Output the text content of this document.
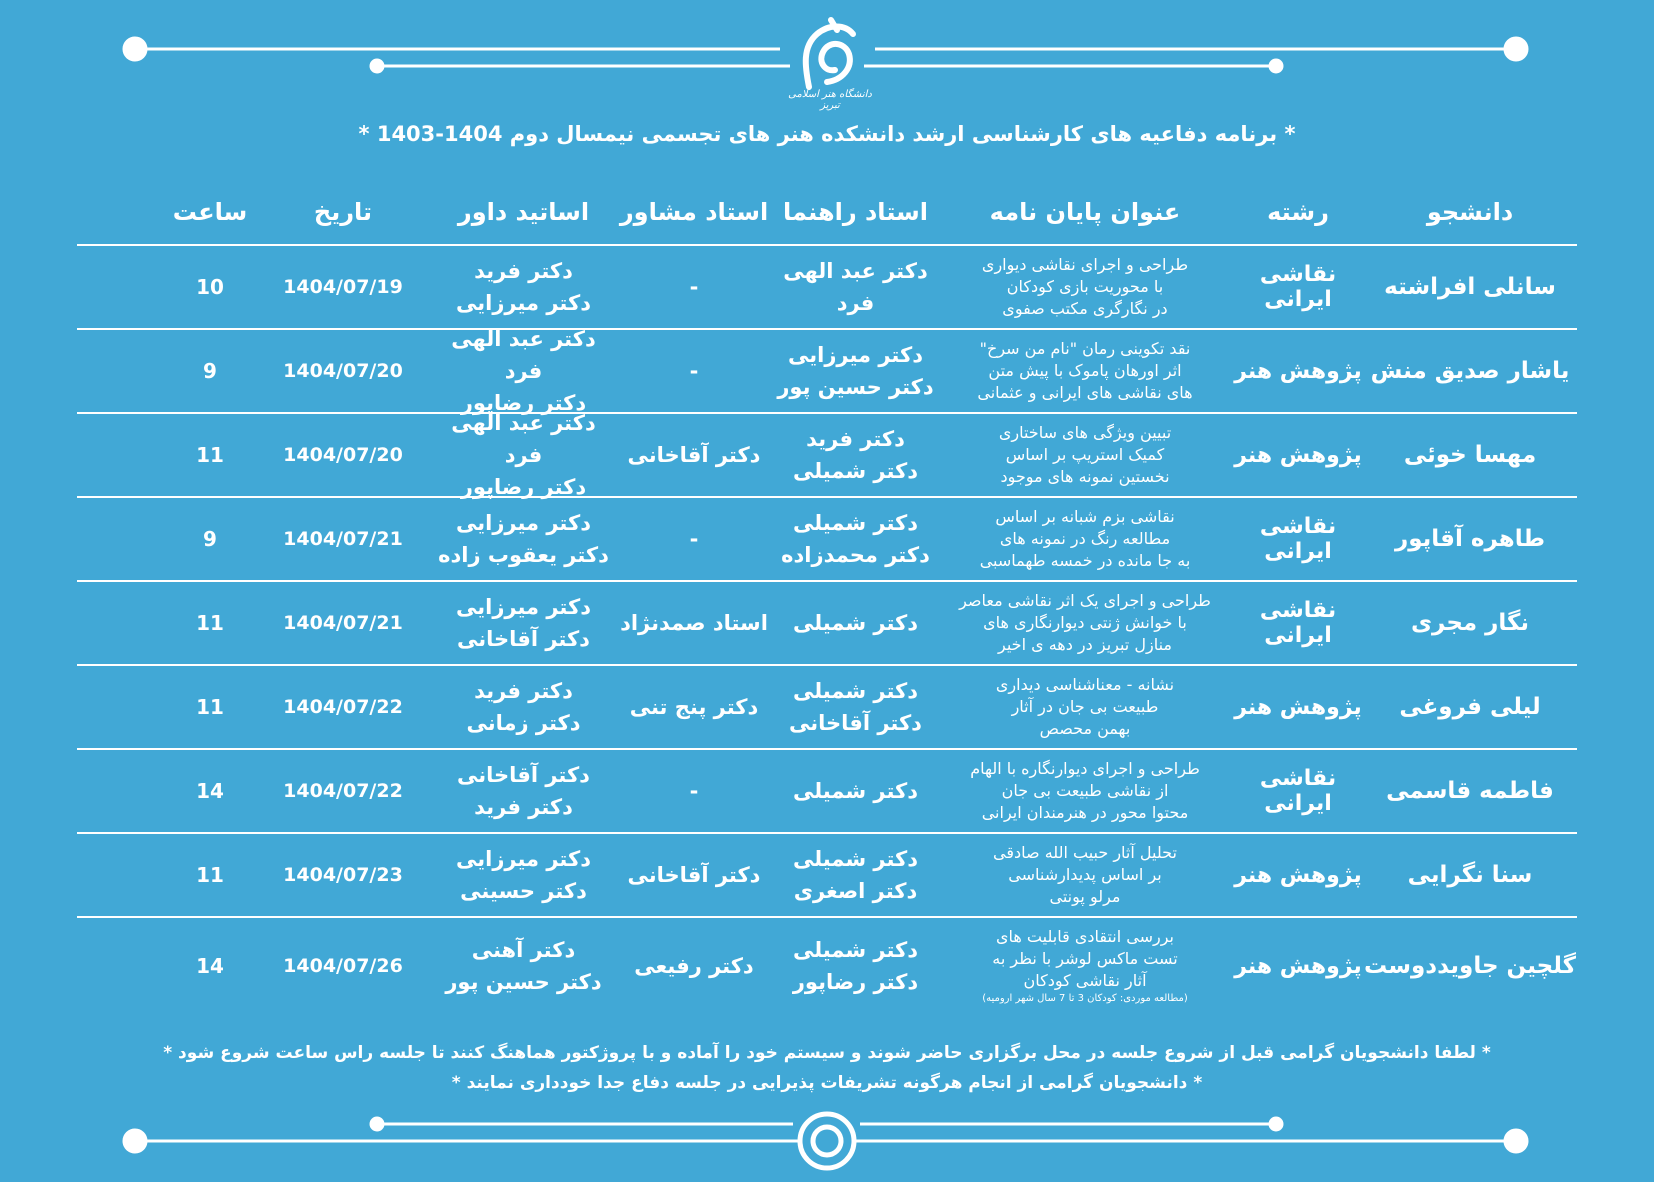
دانشگاه هنر اسلامی تبریز
* برنامه دفاعیه های کارشناسی ارشد دانشکده هنر های تجسمی نیمسال دوم 1404-1403 *
دانشجو
رشته
عنوان پایان نامه
استاد راهنما
استاد مشاور
اساتید داور
تاریخ
ساعت
سانلی افراشته
نقاشی ایرانی
طراحی و اجرای نقاشی دیواری
با محوریت بازی کودکان
در نگارگری مکتب صفوی
دکتر عبد الهی فرد
-
دکتر فرید
دکتر میرزایی
1404/07/19
10
یاشار صدیق منش
پژوهش هنر
نقد تکوینی رمان "نام من سرخ"
اثر اورهان پاموک با پیش متن
های نقاشی های ایرانی و عثمانی
دکتر میرزایی
دکتر حسین پور
-
دکتر عبد الهی فرد
دکتر رضاپور
1404/07/20
9
مهسا خوئی
پژوهش هنر
تبیین ویژگی های ساختاری
کمیک استریپ بر اساس
نخستین نمونه های موجود
دکتر فرید
دکتر شمیلی
دکتر آقاخانی
دکتر عبد الهی فرد
دکتر رضاپور
1404/07/20
11
طاهره آقاپور
نقاشی ایرانی
نقاشی بزم شبانه بر اساس
مطالعه رنگ در نمونه های
به جا مانده در خمسه طهماسبی
دکتر شمیلی
دکتر محمدزاده
-
دکتر میرزایی
دکتر یعقوب زاده
1404/07/21
9
نگار مجری
نقاشی ایرانی
طراحی و اجرای یک اثر نقاشی معاصر
با خوانش ژنتی دیوارنگاری های
منازل تبریز در دهه ی اخیر
دکتر شمیلی
استاد صمدنژاد
دکتر میرزایی
دکتر آقاخانی
1404/07/21
11
لیلی فروغی
پژوهش هنر
نشانه - معناشناسی دیداری
طبیعت بی جان در آثار
بهمن محصص
دکتر شمیلی
دکتر آقاخانی
دکتر پنج تنی
دکتر فرید
دکتر زمانی
1404/07/22
11
فاطمه قاسمی
نقاشی ایرانی
طراحی و اجرای دیوارنگاره با الهام
از نقاشی طبیعت بی جان
محتوا محور در هنرمندان ایرانی
دکتر شمیلی
-
دکتر آقاخانی
دکتر فرید
1404/07/22
14
سنا نگرایی
پژوهش هنر
تحلیل آثار حبیب الله صادقی
بر اساس پدیدارشناسی
مرلو پونتی
دکتر شمیلی
دکتر اصغری
دکتر آقاخانی
دکتر میرزایی
دکتر حسینی
1404/07/23
11
گلچین جاویددوست
پژوهش هنر
بررسی انتقادی قابلیت های
تست ماکس لوشر با نظر به
آثار نقاشی کودکان
(مطالعه موردی: کودکان 3 تا 7 سال شهر ارومیه)
دکتر شمیلی
دکتر رضاپور
دکتر رفیعی
دکتر آهنی
دکتر حسین پور
1404/07/26
14
* لطفا دانشجویان گرامی قبل از شروع جلسه در محل برگزاری حاضر شوند و سیستم خود را آماده و با پروژکتور هماهنگ کنند تا جلسه راس ساعت شروع شود *
* دانشجویان گرامی از انجام هرگونه تشریفات پذیرایی در جلسه دفاع جدا خودداری نمایند *
